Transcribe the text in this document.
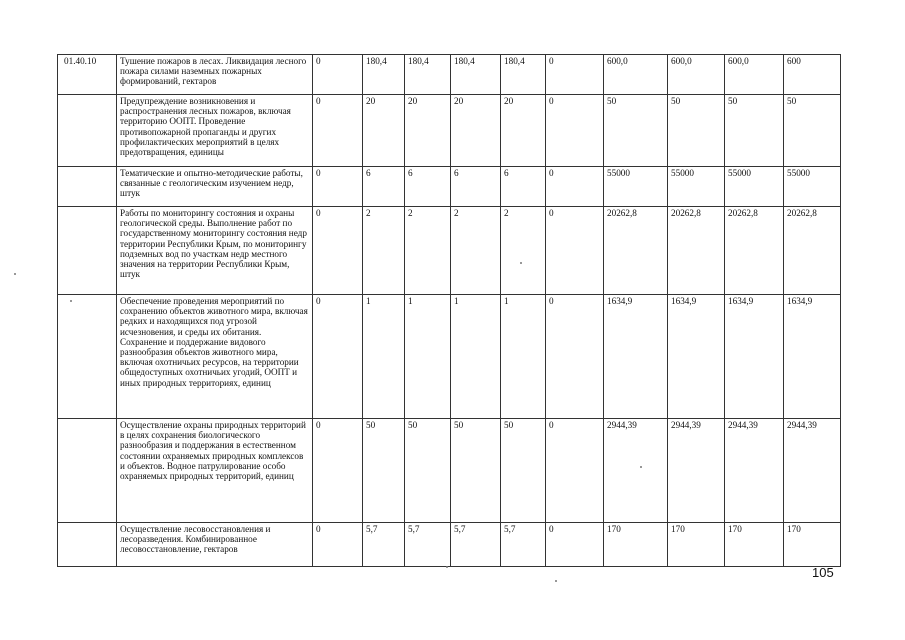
01.40.10	Тушение пожаров в лесах. Ликвидация лесного пожара силами наземных пожарных формирований, гектаров	0	180,4	180,4	180,4	180,4	0	600,0	600,0	600,0	600
	Предупреждение возникновения и распространения лесных пожаров, включая территорию ООПТ. Проведение противопожарной пропаганды и других профилактических мероприятий в целях предотвращения, единицы	0	20	20	20	20	0	50	50	50	50
	Тематические и опытно-методические работы, связанные с геологическим изучением недр, штук	0	6	6	6	6	0	55000	55000	55000	55000
	Работы по мониторингу состояния и охраны геологической среды. Выполнение работ по государственному мониторингу состояния недр территории Республики Крым, по мониторингу подземных вод по участкам недр местного значения на территории Республики Крым, штук	0	2	2	2	2	0	20262,8	20262,8	20262,8	20262,8
	Обеспечение проведения мероприятий по сохранению объектов животного мира, включая редких и находящихся под угрозой исчезновения, и среды их обитания. Сохранение и поддержание видового разнообразия объектов животного мира, включая охотничьих ресурсов, на территории общедоступных охотничьих угодий, ООПТ и иных природных территориях, единиц	0	1	1	1	1	0	1634,9	1634,9	1634,9	1634,9
	Осуществление охраны природных территорий в целях сохранения биологического разнообразия и поддержания в естественном состоянии охраняемых природных комплексов и объектов. Водное патрулирование особо охраняемых природных территорий, единиц	0	50	50	50	50	0	2944,39	2944,39	2944,39	2944,39
	Осуществление лесовосстановления и лесоразведения. Комбинированное лесовосстановление, гектаров	0	5,7	5,7	5,7	5,7	0	170	170	170	170
105
